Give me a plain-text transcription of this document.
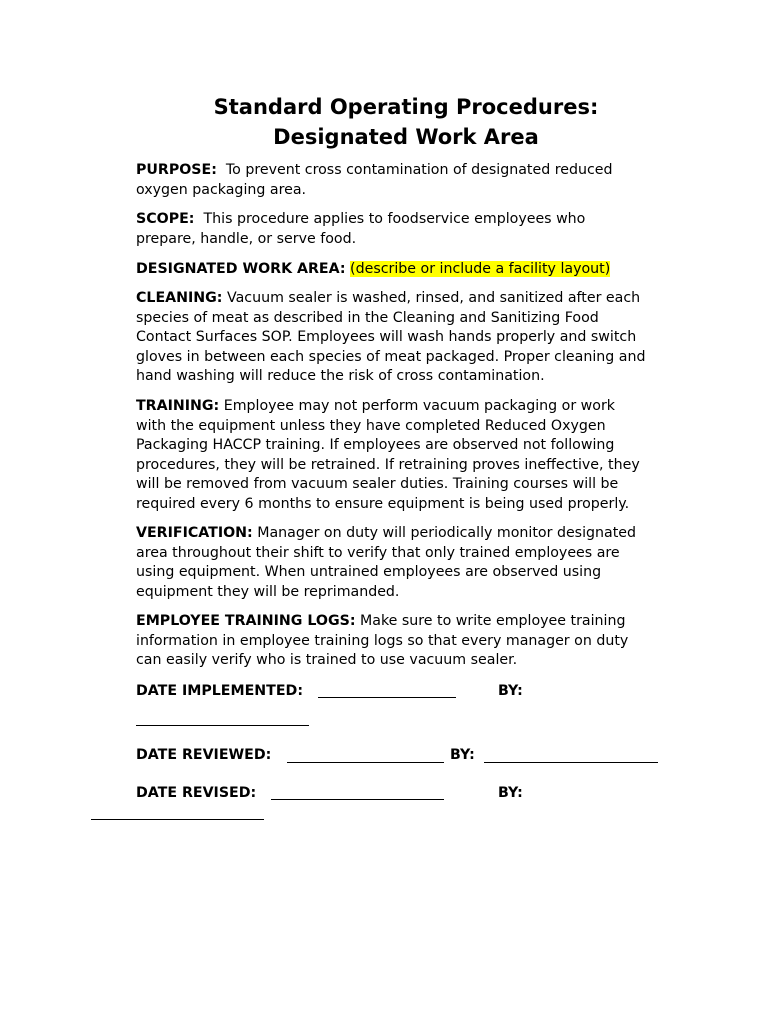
Standard Operating Procedures:
Designated Work Area
PURPOSE:  To prevent cross contamination of designated reduced
oxygen packaging area.
SCOPE:  This procedure applies to foodservice employees who
prepare, handle, or serve food.
DESIGNATED WORK AREA: (describe or include a facility layout)
CLEANING: Vacuum sealer is washed, rinsed, and sanitized after each
species of meat as described in the Cleaning and Sanitizing Food
Contact Surfaces SOP. Employees will wash hands properly and switch
gloves in between each species of meat packaged. Proper cleaning and
hand washing will reduce the risk of cross contamination.
TRAINING: Employee may not perform vacuum packaging or work
with the equipment unless they have completed Reduced Oxygen
Packaging HACCP training. If employees are observed not following
procedures, they will be retrained. If retraining proves ineffective, they
will be removed from vacuum sealer duties. Training courses will be
required every 6 months to ensure equipment is being used properly.
VERIFICATION: Manager on duty will periodically monitor designated
area throughout their shift to verify that only trained employees are
using equipment. When untrained employees are observed using
equipment they will be reprimanded.
EMPLOYEE TRAINING LOGS: Make sure to write employee training
information in employee training logs so that every manager on duty
can easily verify who is trained to use vacuum sealer.
DATE IMPLEMENTED:	BY:
DATE REVIEWED:	BY:
DATE REVISED:	BY:
